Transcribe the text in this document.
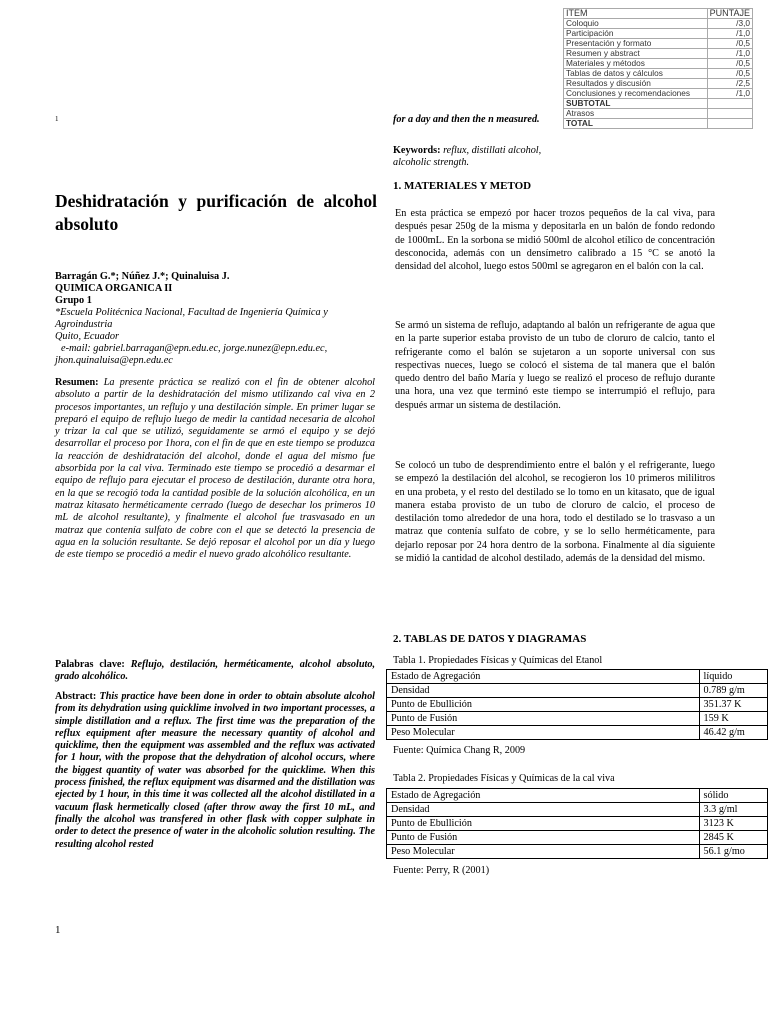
ITEM	PUNTAJE
Coloquio	/3,0
Participación	/1,0
Presentación y formato	/0,5
Resumen y abstract	/1,0
Materiales y métodos	/0,5
Tablas de datos y cálculos	/0,5
Resultados y discusión	/2,5
Conclusiones y recomendaciones	/1,0
SUBTOTAL	
Atrasos	
TOTAL	
1
Deshidratación y purificación de alcohol absoluto
Barragán G.*; Núñez J.*; Quinaluisa J.
QUIMICA ORGANICA II
Grupo 1
*Escuela Politécnica Nacional, Facultad de Ingeniería Química y Agroindustria
Quito, Ecuador
e-mail: gabriel.barragan@epn.edu.ec, jorge.nunez@epn.edu.ec,
jhon.quinaluisa@epn.edu.ec
Resumen: La presente práctica se realizó con el fin de obtener alcohol absoluto a partir de la deshidratación del mismo utilizando cal viva en 2 procesos importantes, un reflujo y una destilación simple. En primer lugar se preparó el equipo de reflujo luego de medir la cantidad necesaria de alcohol y trizar la cal que se utilizó, seguidamente se armó el equipo y se dejó desarrollar el proceso por 1hora, con el fin de que en este tiempo se produzca la reacción de deshidratación del alcohol, donde el agua del mismo fue absorbida por la cal viva. Terminado este tiempo se procedió a desarmar el equipo de reflujo para ejecutar el proceso de destilación, durante otra hora, en la que se recogió toda la cantidad posible de la solución alcohólica, en un matraz kitasato herméticamente cerrado (luego de desechar los primeros 10 mL de alcohol resultante), y finalmente el alcohol fue trasvasado en un matraz que contenía sulfato de cobre con el que se detectó la presencia de agua en la solución resultante. Se dejó reposar el alcohol por un día y luego de este tiempo se procedió a medir el nuevo grado alcohólico resultante.
Palabras clave: Reflujo, destilación, herméticamente, alcohol absoluto, grado alcohólico.
Abstract: This practice have been done in order to obtain absolute alcohol from its dehydration using quicklime involved in two important processes, a simple distillation and a reflux. The first time was the preparation of the reflux equipment after measure the necessary quantity of alcohol and quicklime, then the equipment was assembled and the reflux was activated for 1 hour, with the propose that the dehydration of alcohol occurs, where the biggest quantity of water was absorbed for the quicklime. When this process finished, the reflux equipment was disarmed and the distillation was ejected by 1 hour, in this time it was collected all the alcohol distillated in a vacuum flask hermetically closed (after throw away the first 10 mL, and finally the alcohol was transfered in other flask with copper sulphate in order to detect the presence of water in the alcoholic solution resulting. The resulting alcohol rested
1
for a day and then the n measured.
Keywords: reflux, distillati alcohol, alcoholic strength.
1. MATERIALES Y METOD
En esta práctica se empezó por hacer trozos pequeños de la cal viva, para después pesar 250g de la misma y depositarla en un balón de fondo redondo de 1000mL. En la sorbona se midió 500ml de alcohol etílico de concentración desconocida, además con un densímetro calibrado a 15 °C se anotó la densidad del alcohol, luego estos 500ml se agregaron en el balón con la cal.
Se armó un sistema de reflujo, adaptando al balón un refrigerante de agua que en la parte superior estaba provisto de un tubo de cloruro de calcio, tanto el refrigerante como el balón se sujetaron a un soporte universal con sus respectivas nueces, luego se colocó el sistema de tal manera que el balón quedo dentro del baño María y luego se realizó el proceso de reflujo durante una hora, una vez que terminó este tiempo se interrumpió el reflujo, para después armar un sistema de destilación.
Se colocó un tubo de desprendimiento entre el balón y el refrigerante, luego se empezó la destilación del alcohol, se recogieron los 10 primeros mililitros en una probeta, y el resto del destilado se lo tomo en un kitasato, que de igual manera estaba provisto de un tubo de cloruro de calcio, el proceso de destilación tomo alrededor de una hora, todo el destilado se lo trasvaso a un matraz que contenía sulfato de cobre, y se lo sello herméticamente, para dejarlo reposar por 24 hora dentro de la sorbona. Finalmente al día siguiente se midió la cantidad de alcohol destilado, además de la densidad del mismo.
2. TABLAS DE DATOS Y DIAGRAMAS
Tabla 1. Propiedades Físicas y Químicas del Etanol
Estado de Agregación	líquido
Densidad	0.789 g/m
Punto de Ebullición	351.37 K
Punto de Fusión	159 K
Peso Molecular	46.42 g/m
Fuente: Química Chang R, 2009
Tabla 2. Propiedades Físicas y Químicas de la cal viva
Estado de Agregación	sólido
Densidad	3.3 g/ml
Punto de Ebullición	3123 K
Punto de Fusión	2845 K
Peso Molecular	56.1 g/mo
Fuente: Perry, R (2001)
